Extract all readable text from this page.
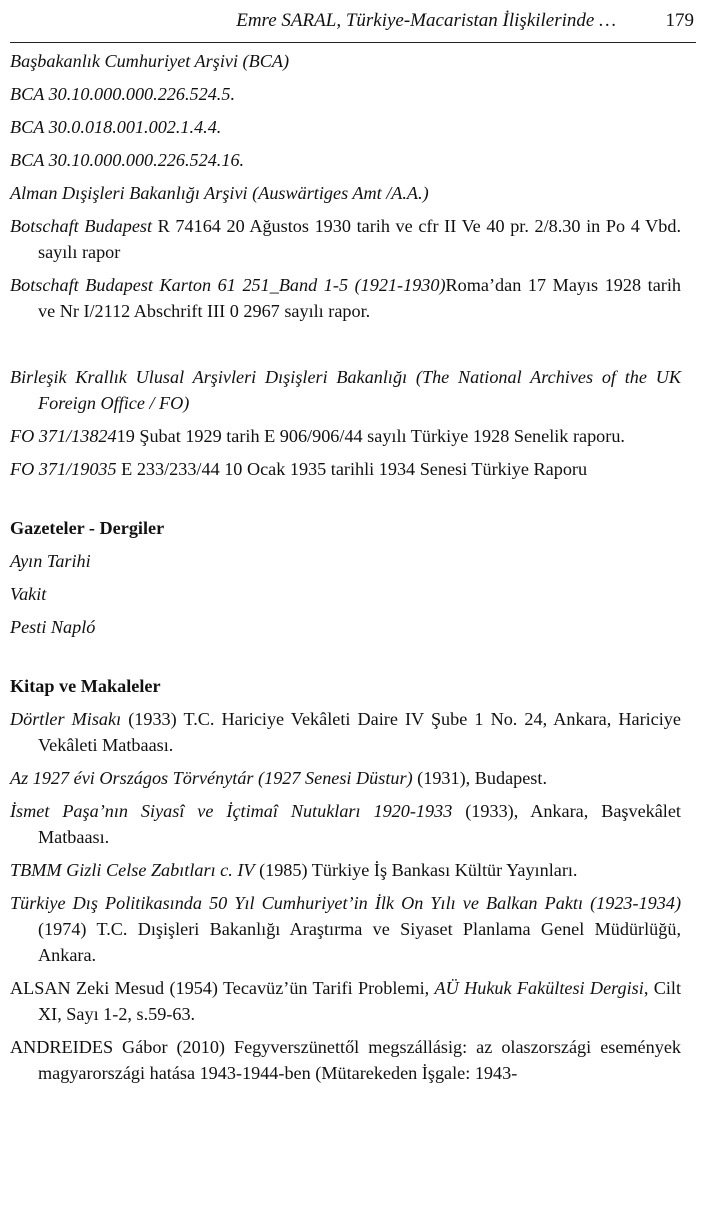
Emre SARAL, Türkiye-Macaristan İlişkilerinde …	179

Başbakanlık Cumhuriyet Arşivi (BCA)

BCA 30.10.000.000.226.524.5.

BCA 30.0.018.001.002.1.4.4.

BCA 30.10.000.000.226.524.16.

Alman Dışişleri Bakanlığı Arşivi (Auswärtiges Amt /A.A.)

Botschaft Budapest R 74164 20 Ağustos 1930 tarih ve cfr II Ve 40 pr. 2/8.30 in Po 4 Vbd. sayılı rapor

Botschaft Budapest Karton 61 251_Band 1-5 (1921-1930)Roma’dan 17 Mayıs 1928 tarih ve Nr I/2112 Abschrift III 0 2967 sayılı rapor.

Birleşik Krallık Ulusal Arşivleri Dışişleri Bakanlığı (The National Archives of the UK Foreign Office / FO)

FO 371/1382419 Şubat 1929 tarih E 906/906/44 sayılı Türkiye 1928 Senelik raporu.

FO 371/19035 E 233/233/44 10 Ocak 1935 tarihli 1934 Senesi Türkiye Raporu

Gazeteler - Dergiler

Ayın Tarihi

Vakit

Pesti Napló

Kitap ve Makaleler

Dörtler Misakı (1933) T.C. Hariciye Vekâleti Daire IV Şube 1 No. 24, Ankara, Hariciye Vekâleti Matbaası.

Az 1927 évi Országos Törvénytár (1927 Senesi Düstur) (1931), Budapest.

İsmet Paşa’nın Siyasî ve İçtimaî Nutukları 1920-1933 (1933), Ankara, Başvekâlet Matbaası.

TBMM Gizli Celse Zabıtları c. IV (1985) Türkiye İş Bankası Kültür Yayınları.

Türkiye Dış Politikasında 50 Yıl Cumhuriyet’in İlk On Yılı ve Balkan Paktı (1923-1934) (1974) T.C. Dışişleri Bakanlığı Araştırma ve Siyaset Planlama Genel Müdürlüğü, Ankara.

ALSAN Zeki Mesud (1954) Tecavüz’ün Tarifi Problemi, AÜ Hukuk Fakültesi Dergisi, Cilt XI, Sayı 1-2, s.59-63.

ANDREIDES Gábor (2010) Fegyverszünettől megszállásig: az olaszországi események magyarországi hatása 1943-1944-ben (Mütarekeden İşgale: 1943-
